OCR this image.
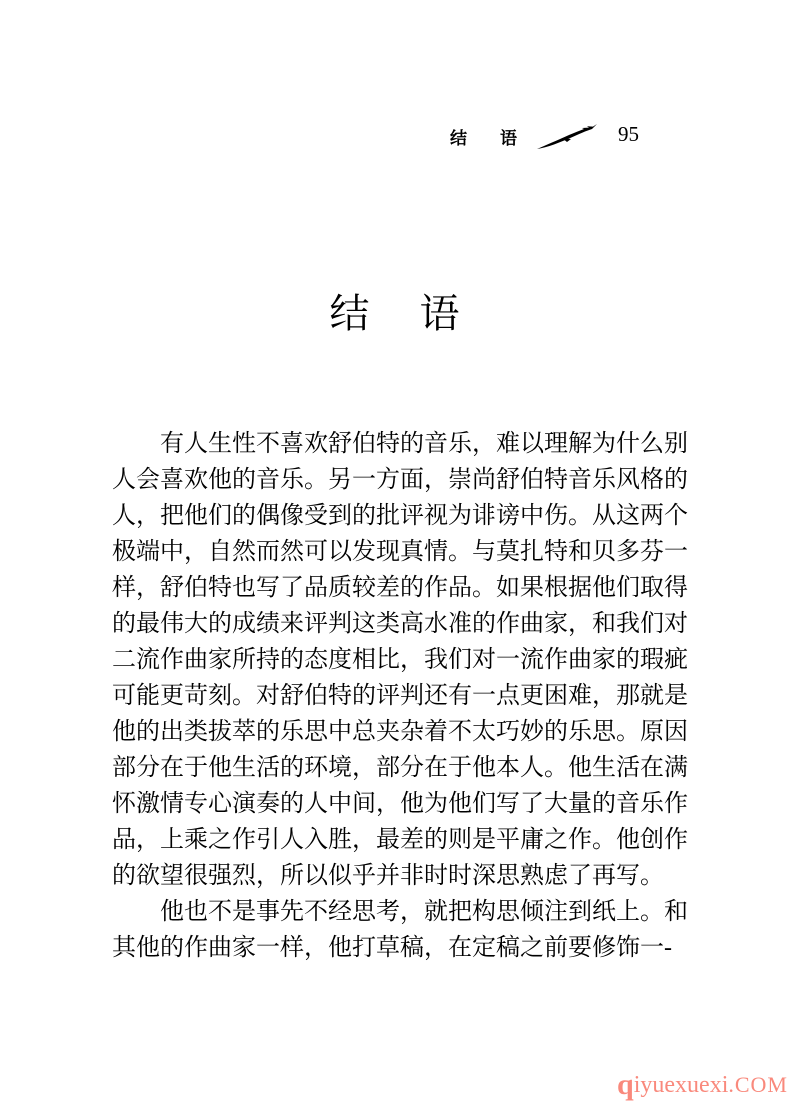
结　语	95
结　语
有人生性不喜欢舒伯特的音乐，难以理解为什么别
人会喜欢他的音乐。另一方面，崇尚舒伯特音乐风格的
人，把他们的偶像受到的批评视为诽谤中伤。从这两个
极端中，自然而然可以发现真情。与莫扎特和贝多芬一
样，舒伯特也写了品质较差的作品。如果根据他们取得
的最伟大的成绩来评判这类高水准的作曲家，和我们对
二流作曲家所持的态度相比，我们对一流作曲家的瑕疵
可能更苛刻。对舒伯特的评判还有一点更困难，那就是
他的出类拔萃的乐思中总夹杂着不太巧妙的乐思。原因
部分在于他生活的环境，部分在于他本人。他生活在满
怀激情专心演奏的人中间，他为他们写了大量的音乐作
品，上乘之作引人入胜，最差的则是平庸之作。他创作
的欲望很强烈，所以似乎并非时时深思熟虑了再写。
他也不是事先不经思考，就把构思倾注到纸上。和
其他的作曲家一样，他打草稿，在定稿之前要修饰一-
qiyuexuexi.COM
